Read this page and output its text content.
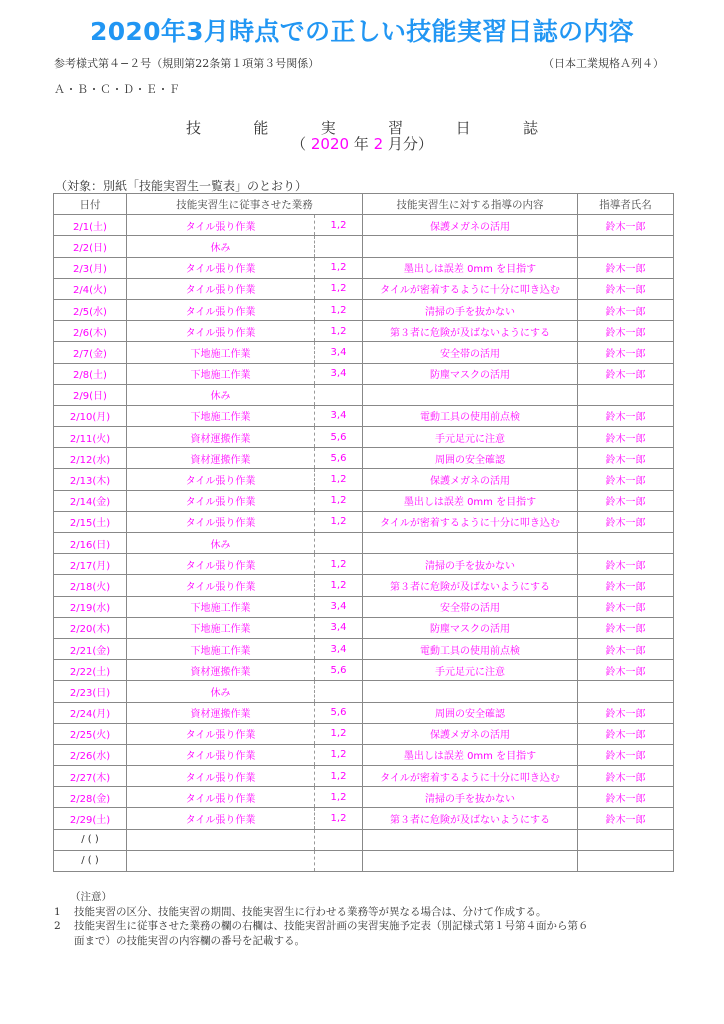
2020年3月時点での正しい技能実習日誌の内容
参考様式第４−２号（規則第22条第１項第３号関係）	（日本工業規格Ａ列４）
Ａ・Ｂ・Ｃ・Ｄ・Ｅ・Ｆ
技	能	実	習	日	誌
（ 2020 年 2 月分）
（対象：別紙「技能実習生一覧表」のとおり）
日付	技能実習生に従事させた業務		技能実習生に対する指導の内容	指導者氏名
2/1(土)	タイル張り作業	1,2	保護メガネの活用	鈴木一郎
2/2(日)	休み			
2/3(月)	タイル張り作業	1,2	墨出しは誤差 0mm を目指す	鈴木一郎
2/4(火)	タイル張り作業	1,2	タイルが密着するように十分に叩き込む	鈴木一郎
2/5(水)	タイル張り作業	1,2	清掃の手を抜かない	鈴木一郎
2/6(木)	タイル張り作業	1,2	第３者に危険が及ばないようにする	鈴木一郎
2/7(金)	下地施工作業	3,4	安全帯の活用	鈴木一郎
2/8(土)	下地施工作業	3,4	防塵マスクの活用	鈴木一郎
2/9(日)	休み			
2/10(月)	下地施工作業	3,4	電動工具の使用前点検	鈴木一郎
2/11(火)	資材運搬作業	5,6	手元足元に注意	鈴木一郎
2/12(水)	資材運搬作業	5,6	周囲の安全確認	鈴木一郎
2/13(木)	タイル張り作業	1,2	保護メガネの活用	鈴木一郎
2/14(金)	タイル張り作業	1,2	墨出しは誤差 0mm を目指す	鈴木一郎
2/15(土)	タイル張り作業	1,2	タイルが密着するように十分に叩き込む	鈴木一郎
2/16(日)	休み			
2/17(月)	タイル張り作業	1,2	清掃の手を抜かない	鈴木一郎
2/18(火)	タイル張り作業	1,2	第３者に危険が及ばないようにする	鈴木一郎
2/19(水)	下地施工作業	3,4	安全帯の活用	鈴木一郎
2/20(木)	下地施工作業	3,4	防塵マスクの活用	鈴木一郎
2/21(金)	下地施工作業	3,4	電動工具の使用前点検	鈴木一郎
2/22(土)	資材運搬作業	5,6	手元足元に注意	鈴木一郎
2/23(日)	休み			
2/24(月)	資材運搬作業	5,6	周囲の安全確認	鈴木一郎
2/25(火)	タイル張り作業	1,2	保護メガネの活用	鈴木一郎
2/26(水)	タイル張り作業	1,2	墨出しは誤差 0mm を目指す	鈴木一郎
2/27(木)	タイル張り作業	1,2	タイルが密着するように十分に叩き込む	鈴木一郎
2/28(金)	タイル張り作業	1,2	清掃の手を抜かない	鈴木一郎
2/29(土)	タイル張り作業	1,2	第３者に危険が及ばないようにする	鈴木一郎
/ ( )				
/ ( )				
（注意）
1	技能実習の区分、技能実習の期間、技能実習生に行わせる業務等が異なる場合は、分けて作成する。
2	技能実習生に従事させた業務の欄の右欄は、技能実習計画の実習実施予定表（別記様式第１号第４面から第６
面まで）の技能実習の内容欄の番号を記載する。
